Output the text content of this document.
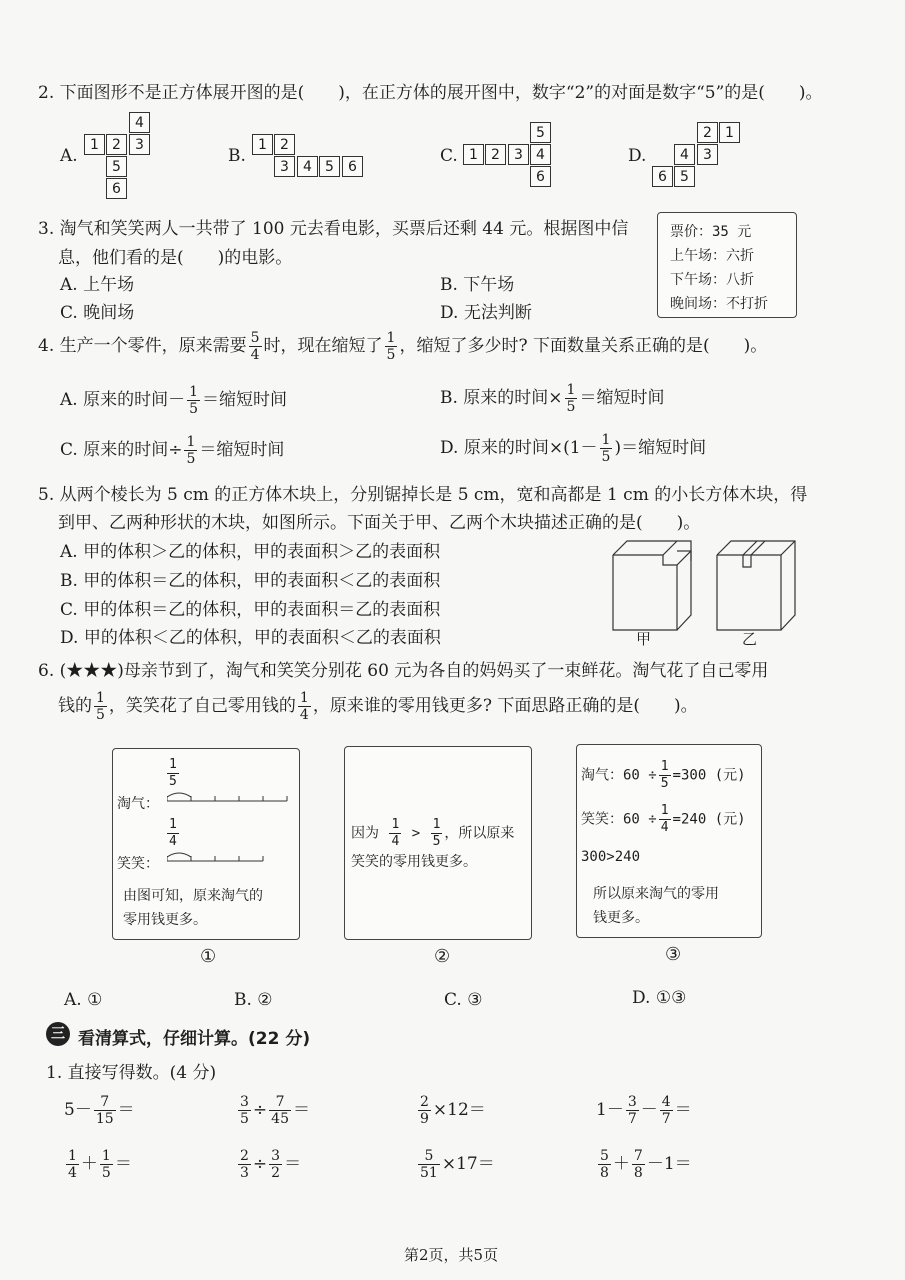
2. 下面图形不是正方体展开图的是(　　)，在正方体的展开图中，数字“2”的对面是数字“5”的是(　　)。
A.
4
1 2	3
5
6
B.
1 2
3	4 5	6
C.
5
1 2	3 4
6
D.
2 1
4	3
6 5
3. 淘气和笑笑两人一共带了 100 元去看电影，买票后还剩 44 元。根据图中信
息，他们看的是(　　)的电影。
A. 上午场	B. 下午场
C. 晚间场	D. 无法判断
票价：35 元
上午场：六折
下午场：八折
晚间场：不打折
4. 生产一个零件，原来需要 $\frac{5}{4}$ 时，现在缩短了 $\frac{1}{5}$ ，缩短了多少时? 下面数量关系正确的是(　　)。
A. 原来的时间－ $\frac{1}{5}$ ＝缩短时间	B. 原来的时间× $\frac{1}{5}$ ＝缩短时间
C. 原来的时间÷ $\frac{1}{5}$ ＝缩短时间	D. 原来的时间$\times(1- \frac{1}{5}$ )＝缩短时间
5. 从两个棱长为 5 cm 的正方体木块上，分别锯掉长是 5 cm，宽和高都是 1 cm 的小长方体木块，得
到甲、乙两种形状的木块，如图所示。下面关于甲、乙两个木块描述正确的是(　　)。
A. 甲的体积＞乙的体积，甲的表面积＞乙的表面积
B. 甲的体积＝乙的体积，甲的表面积＜乙的表面积
C. 甲的体积＝乙的体积，甲的表面积＝乙的表面积
D. 甲的体积＜乙的体积，甲的表面积＜乙的表面积	甲	乙
6. (★★★)母亲节到了，淘气和笑笑分别花 60 元为各自的妈妈买了一束鲜花。淘气花了自己零用
钱的 $\frac{1}{5}$ ，笑笑花了自己零用钱的 $\frac{1}{4}$ ，原来谁的零用钱更多? 下面思路正确的是(　　)。
$\frac{1}{5}$
淘气：
$\frac{1}{4}$
笑笑：
由图可知，原来淘气的
零用钱更多。
因为 $\frac{1}{4} > \frac{1}{5}$ ，所以原来
笑笑的零用钱更多。
淘气：$60 \div \frac{1}{5} =300$ (元)
笑笑：$60 \div \frac{1}{4} =240$ (元)
300>240
所以原来淘气的零用
钱更多。
①	②	③
A. ①	B. ②	C. ③	D. ①③
三 看清算式，仔细计算。(22 分)
1. 直接写得数。(4 分)
$5- \frac{7}{15}$ ＝	$\frac{3}{5} \div \frac{7}{45}$ ＝	$\frac{2}{9} \times 12=$	$1- \frac{3}{7} - \frac{4}{7}$ ＝
$\frac{1}{4} + \frac{1}{5}$ ＝	$\frac{2}{3} \div \frac{3}{2}$ ＝	$\frac{5}{51} \times 17=$	$\frac{5}{8} + \frac{7}{8} -1=$
第2页，共5页
